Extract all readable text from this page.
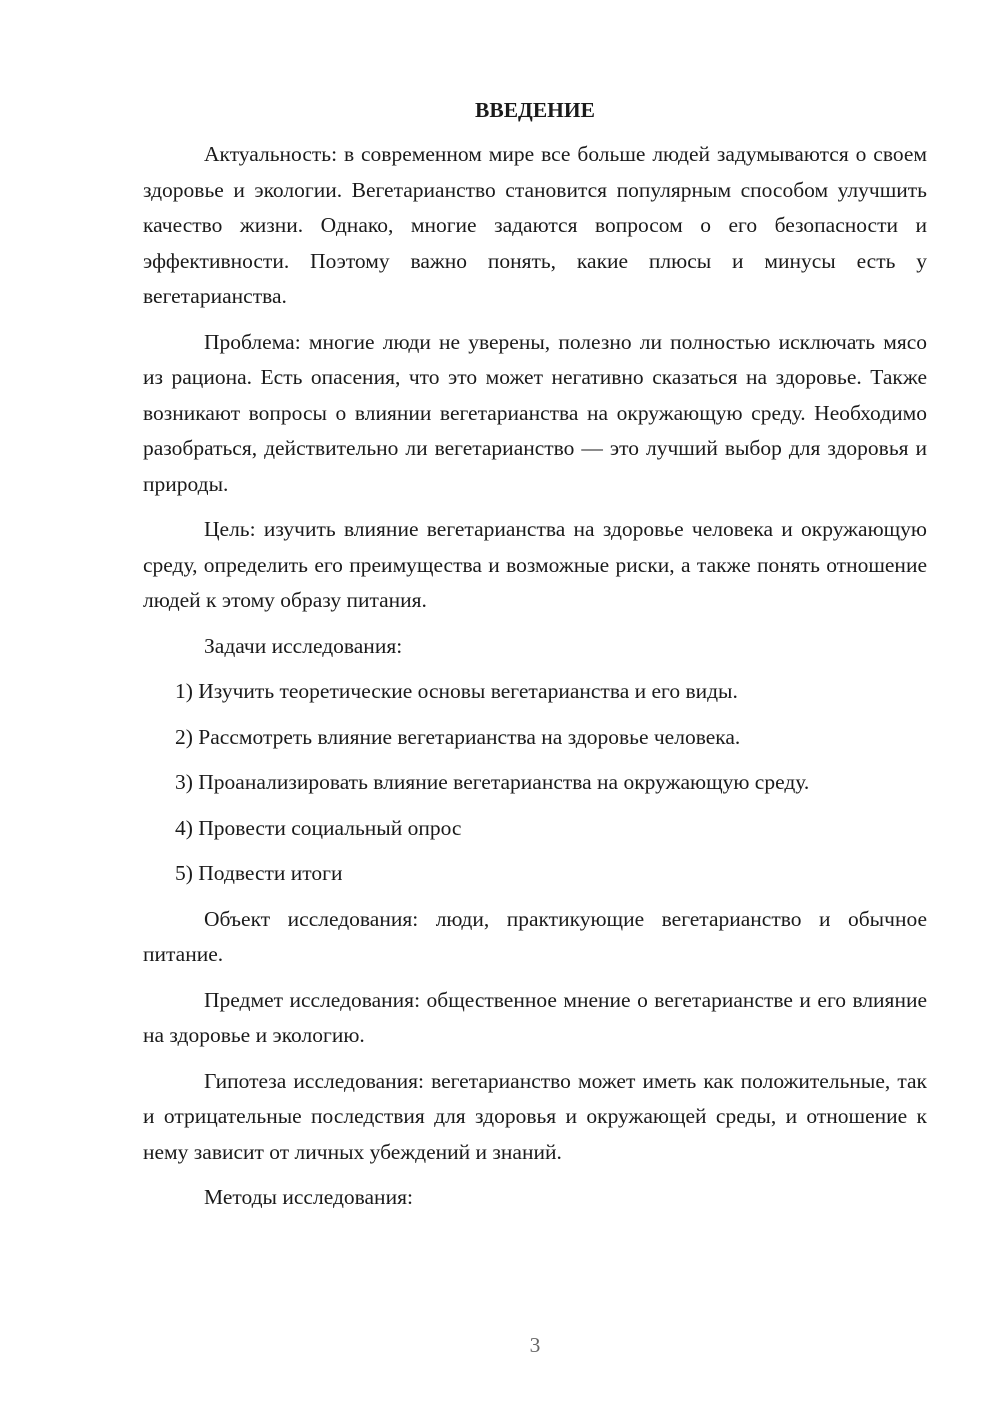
ВВЕДЕНИЕ

Актуальность: в современном мире все больше людей задумываются о своем здоровье и экологии. Вегетарианство становится популярным способом улучшить качество жизни. Однако, многие задаются вопросом о его безопасности и эффективности. Поэтому важно понять, какие плюсы и минусы есть у вегетарианства.

Проблема: многие люди не уверены, полезно ли полностью исключать мясо из рациона. Есть опасения, что это может негативно сказаться на здоровье. Также возникают вопросы о влиянии вегетарианства на окружающую среду. Необходимо разобраться, действительно ли вегетарианство — это лучший выбор для здоровья и природы.

Цель: изучить влияние вегетарианства на здоровье человека и окружающую среду, определить его преимущества и возможные риски, а также понять отношение людей к этому образу питания.

Задачи исследования:

1) Изучить теоретические основы вегетарианства и его виды.

2) Рассмотреть влияние вегетарианства на здоровье человека.

3) Проанализировать влияние вегетарианства на окружающую среду.

4) Провести социальный опрос

5) Подвести итоги

Объект исследования: люди, практикующие вегетарианство и обычное питание.

Предмет исследования: общественное мнение о вегетарианстве и его влияние на здоровье и экологию.

Гипотеза исследования: вегетарианство может иметь как положительные, так и отрицательные последствия для здоровья и окружающей среды, и отношение к нему зависит от личных убеждений и знаний.

Методы исследования:

3
